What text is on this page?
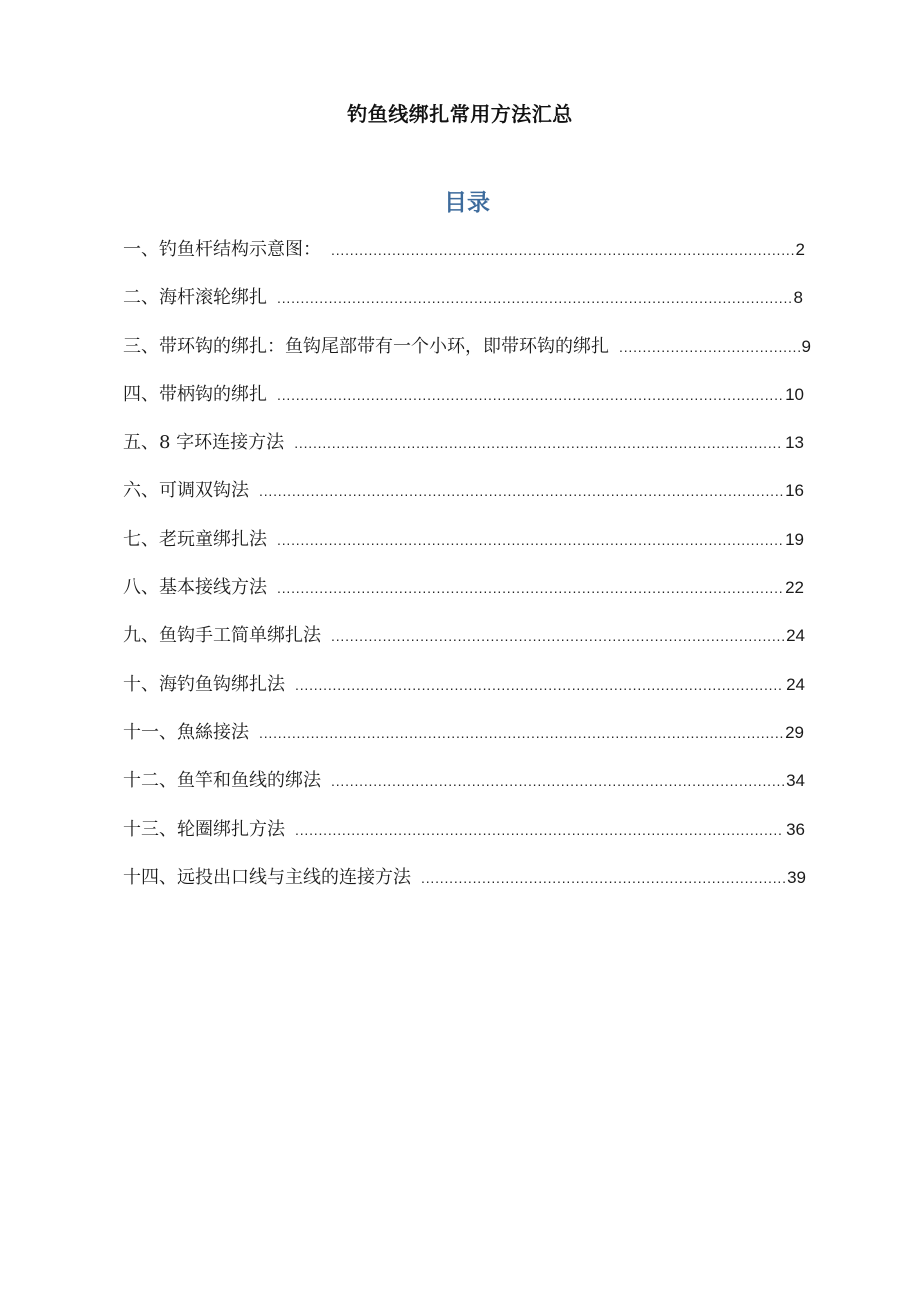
钓鱼线绑扎常用方法汇总
目录
一、钓鱼杆结构示意图： .....	2
二、海杆滚轮绑扎 .....	8
三、带环钩的绑扎：鱼钩尾部带有一个小环，即带环钩的绑扎 .....	9
四、带柄钩的绑扎 .....	10
五、8 字环连接方法 .....	13
六、可调双钩法 .....	16
七、老玩童绑扎法 .....	19
八、基本接线方法 .....	22
九、鱼钩手工简单绑扎法 .....	24
十、海钓鱼钩绑扎法 .....	24
十一、魚絲接法 .....	29
十二、鱼竿和鱼线的绑法 .....	34
十三、轮圈绑扎方法 .....	36
十四、远投出口线与主线的连接方法 .....	39
